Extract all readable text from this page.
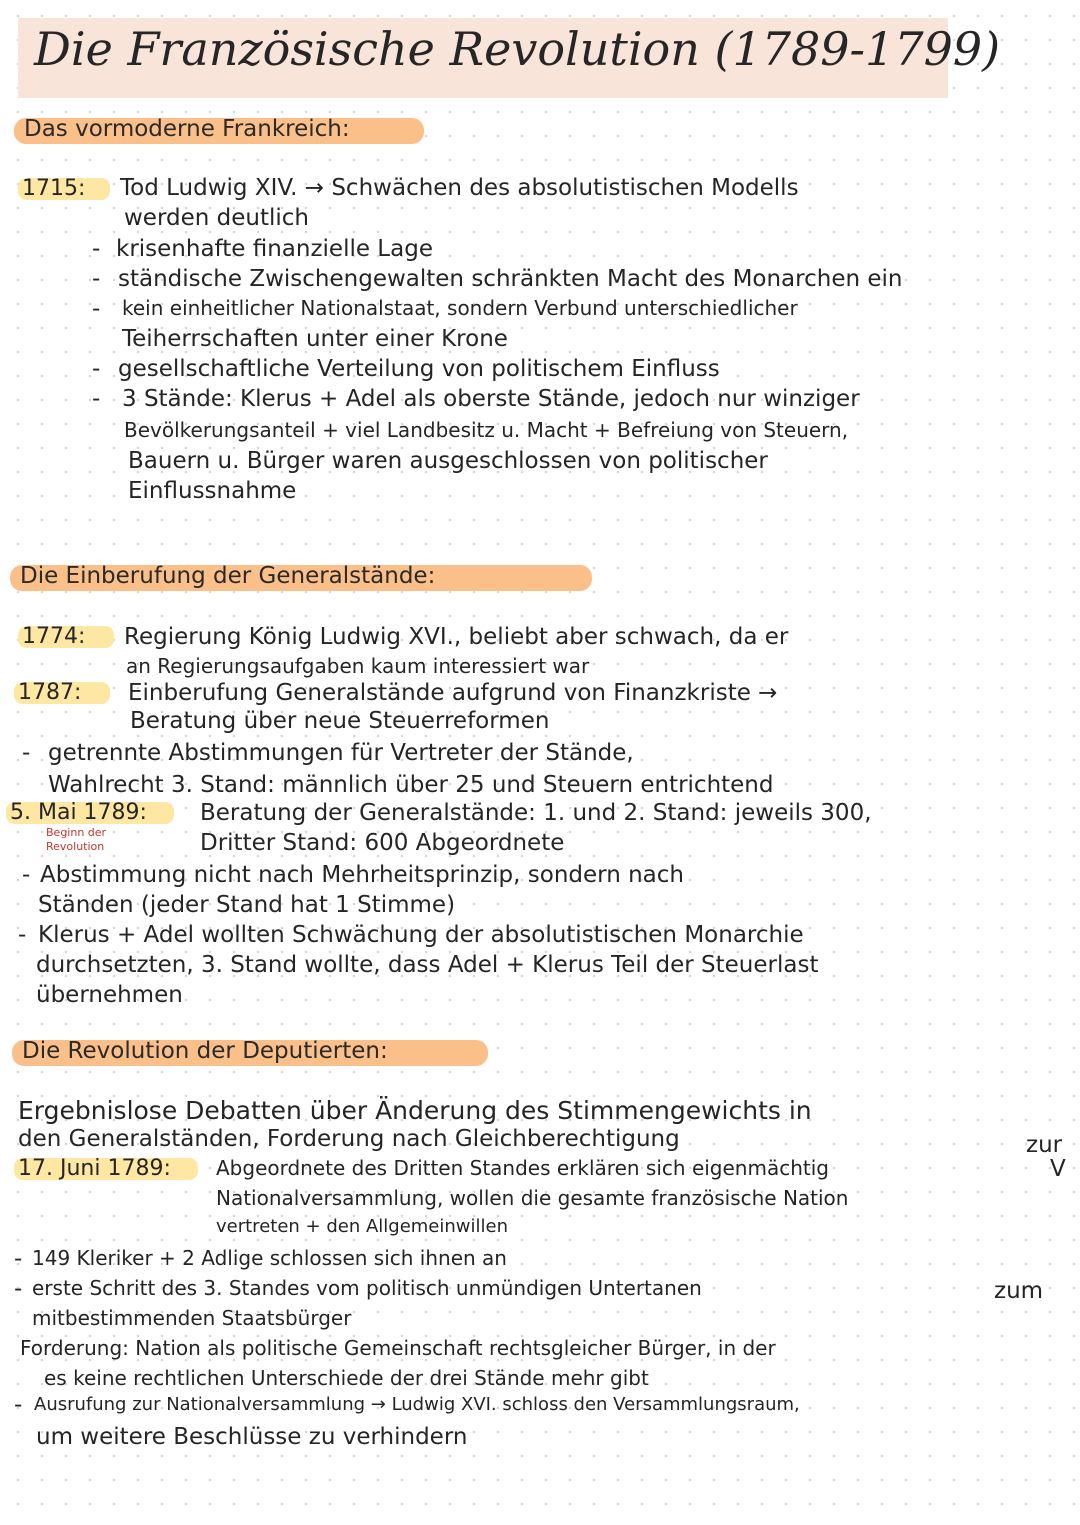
Die Französische Revolution (1789-1799)
Das vormoderne Frankreich:
1715: Tod Ludwig XIV. → Schwächen des absolutistischen Modells
werden deutlich
- krisenhafte finanzielle Lage
- ständische Zwischengewalten schränkten Macht des Monarchen ein
- kein einheitlicher Nationalstaat, sondern Verbund unterschiedlicher
Teiherrschaften unter einer Krone
- gesellschaftliche Verteilung von politischem Einfluss
- 3 Stände: Klerus + Adel als oberste Stände, jedoch nur winziger
Bevölkerungsanteil + viel Landbesitz u. Macht + Befreiung von Steuern,
Bauern u. Bürger waren ausgeschlossen von politischer
Einflussnahme
Die Einberufung der Generalstände:
1774: Regierung König Ludwig XVI., beliebt aber schwach, da er
an Regierungsaufgaben kaum interessiert war
1787: Einberufung Generalstände aufgrund von Finanzkriste →
Beratung über neue Steuerreformen
- getrennte Abstimmungen für Vertreter der Stände,
Wahlrecht 3. Stand: männlich über 25 und Steuern entrichtend
5. Mai 1789:
Beginn der
Revolution
Beratung der Generalstände: 1. und 2. Stand: jeweils 300,
Dritter Stand: 600 Abgeordnete
- Abstimmung nicht nach Mehrheitsprinzip, sondern nach
Ständen (jeder Stand hat 1 Stimme)
- Klerus + Adel wollten Schwächung der absolutistischen Monarchie
durchsetzten, 3. Stand wollte, dass Adel + Klerus Teil der Steuerlast
übernehmen
Die Revolution der Deputierten:
Ergebnislose Debatten über Änderung des Stimmengewichts in
den Generalständen, Forderung nach Gleichberechtigung	zur
17. Juni 1789: Abgeordnete des Dritten Standes erklären sich eigenmächtig	V
Nationalversammlung, wollen die gesamte französische Nation
vertreten + den Allgemeinwillen
- 149 Kleriker + 2 Adlige schlossen sich ihnen an
- erste Schritt des 3. Standes vom politisch unmündigen Untertanen	zum
mitbestimmenden Staatsbürger
Forderung: Nation als politische Gemeinschaft rechtsgleicher Bürger, in der
es keine rechtlichen Unterschiede der drei Stände mehr gibt
- Ausrufung zur Nationalversammlung → Ludwig XVI. schloss den Versammlungsraum,
um weitere Beschlüsse zu verhindern
